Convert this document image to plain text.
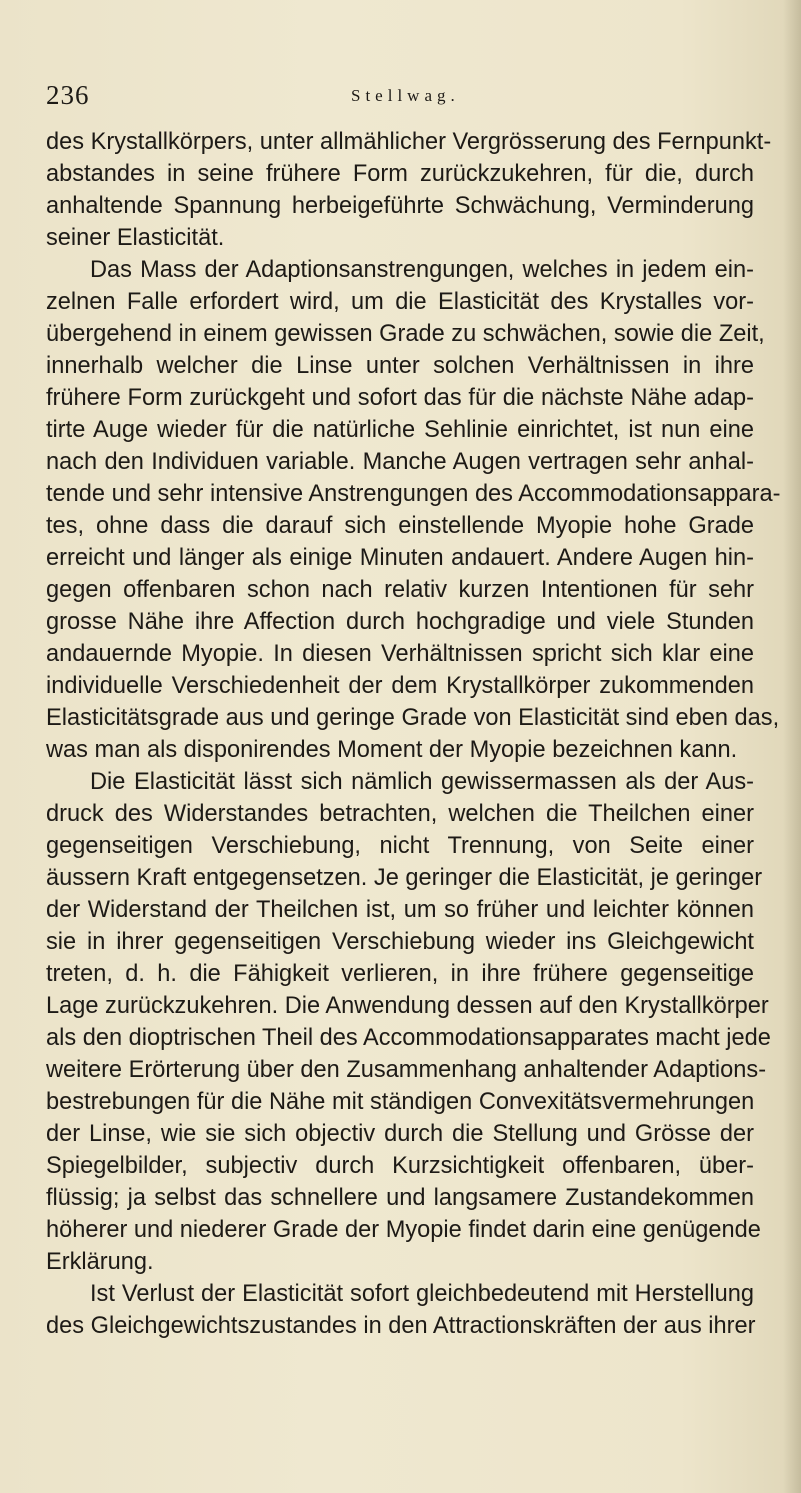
236	Stellwag.
des Krystallkörpers, unter allmählicher Vergrösserung des Fernpunkt-
abstandes in seine frühere Form zurückzukehren, für die, durch
anhaltende Spannung herbeigeführte Schwächung, Verminderung
seiner Elasticität.
Das Mass der Adaptionsanstrengungen, welches in jedem ein-
zelnen Falle erfordert wird, um die Elasticität des Krystalles vor-
übergehend in einem gewissen Grade zu schwächen, sowie die Zeit,
innerhalb welcher die Linse unter solchen Verhältnissen in ihre
frühere Form zurückgeht und sofort das für die nächste Nähe adap-
tirte Auge wieder für die natürliche Sehlinie einrichtet, ist nun eine
nach den Individuen variable. Manche Augen vertragen sehr anhal-
tende und sehr intensive Anstrengungen des Accommodationsappara-
tes, ohne dass die darauf sich einstellende Myopie hohe Grade
erreicht und länger als einige Minuten andauert. Andere Augen hin-
gegen offenbaren schon nach relativ kurzen Intentionen für sehr
grosse Nähe ihre Affection durch hochgradige und viele Stunden
andauernde Myopie. In diesen Verhältnissen spricht sich klar eine
individuelle Verschiedenheit der dem Krystallkörper zukommenden
Elasticitätsgrade aus und geringe Grade von Elasticität sind eben das,
was man als disponirendes Moment der Myopie bezeichnen kann.
Die Elasticität lässt sich nämlich gewissermassen als der Aus-
druck des Widerstandes betrachten, welchen die Theilchen einer
gegenseitigen Verschiebung, nicht Trennung, von Seite einer
äussern Kraft entgegensetzen. Je geringer die Elasticität, je geringer
der Widerstand der Theilchen ist, um so früher und leichter können
sie in ihrer gegenseitigen Verschiebung wieder ins Gleichgewicht
treten, d. h. die Fähigkeit verlieren, in ihre frühere gegenseitige
Lage zurückzukehren. Die Anwendung dessen auf den Krystallkörper
als den dioptrischen Theil des Accommodationsapparates macht jede
weitere Erörterung über den Zusammenhang anhaltender Adaptions-
bestrebungen für die Nähe mit ständigen Convexitätsvermehrungen
der Linse, wie sie sich objectiv durch die Stellung und Grösse der
Spiegelbilder, subjectiv durch Kurzsichtigkeit offenbaren, über-
flüssig; ja selbst das schnellere und langsamere Zustandekommen
höherer und niederer Grade der Myopie findet darin eine genügende
Erklärung.
Ist Verlust der Elasticität sofort gleichbedeutend mit Herstellung
des Gleichgewichtszustandes in den Attractionskräften der aus ihrer
